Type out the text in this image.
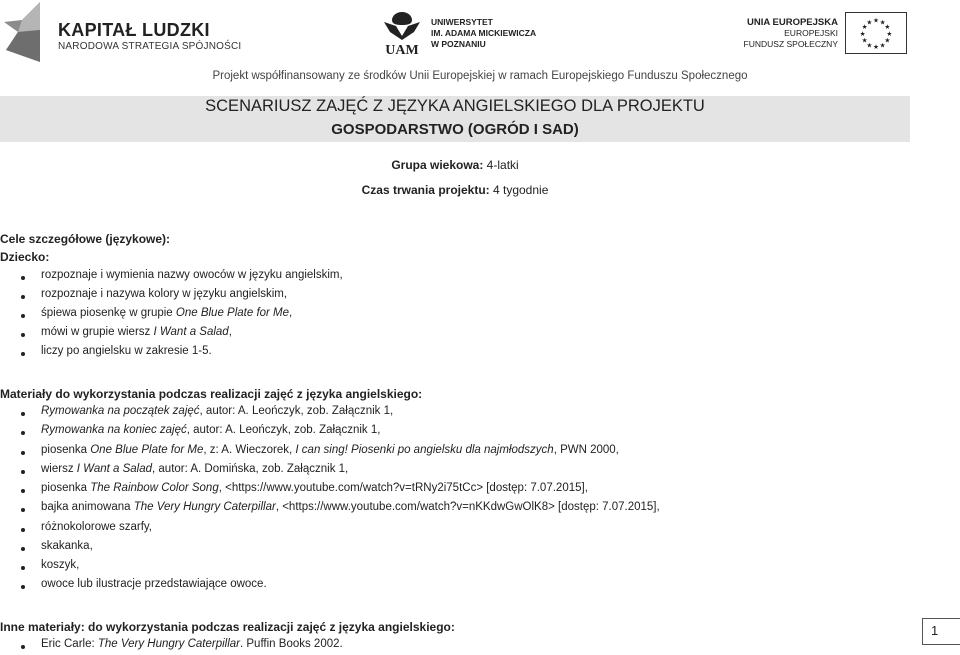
KAPITAŁ LUDZKI
NARODOWA STRATEGIA SPÓJNOŚCI	UAM
UNIWERSYTET
IM. ADAMA MICKIEWICZA
W POZNANIU
UNIA EUROPEJSKA
EUROPEJSKI
FUNDUSZ SPOŁECZNY
★ ★
★
★
★
★
★
★
★
★
★
★
Projekt współfinansowany ze środków Unii Europejskiej w ramach Europejskiego Funduszu Społecznego
SCENARIUSZ ZAJĘĆ Z JĘZYKA ANGIELSKIEGO DLA PROJEKTU
GOSPODARSTWO (OGRÓD I SAD)
Grupa wiekowa: 4-latki
Czas trwania projektu: 4 tygodnie
Cele szczegółowe (językowe):
Dziecko:
rozpoznaje i wymienia nazwy owoców w języku angielskim,
rozpoznaje i nazywa kolory w języku angielskim,
śpiewa piosenkę w grupie One Blue Plate for Me,
mówi w grupie wiersz I Want a Salad,
liczy po angielsku w zakresie 1-5.
Materiały do wykorzystania podczas realizacji zajęć z języka angielskiego:
Rymowanka na początek zajęć, autor: A. Leończyk, zob. Załącznik 1,
Rymowanka na koniec zajęć, autor: A. Leończyk, zob. Załącznik 1,
piosenka One Blue Plate for Me, z: A. Wieczorek, I can sing! Piosenki po angielsku dla najmłodszych, PWN 2000,
wiersz I Want a Salad, autor: A. Domińska, zob. Załącznik 1,
piosenka The Rainbow Color Song, <https://www.youtube.com/watch?v=tRNy2i75tCc> [dostęp: 7.07.2015],
bajka animowana The Very Hungry Caterpillar, <https://www.youtube.com/watch?v=nKKdwGwOlK8> [dostęp: 7.07.2015],
różnokolorowe szarfy,
skakanka,
koszyk,
owoce lub ilustracje przedstawiające owoce.
Inne materiały: do wykorzystania podczas realizacji zajęć z języka angielskiego:
Eric Carle: The Very Hungry Caterpillar. Puffin Books 2002.
1
